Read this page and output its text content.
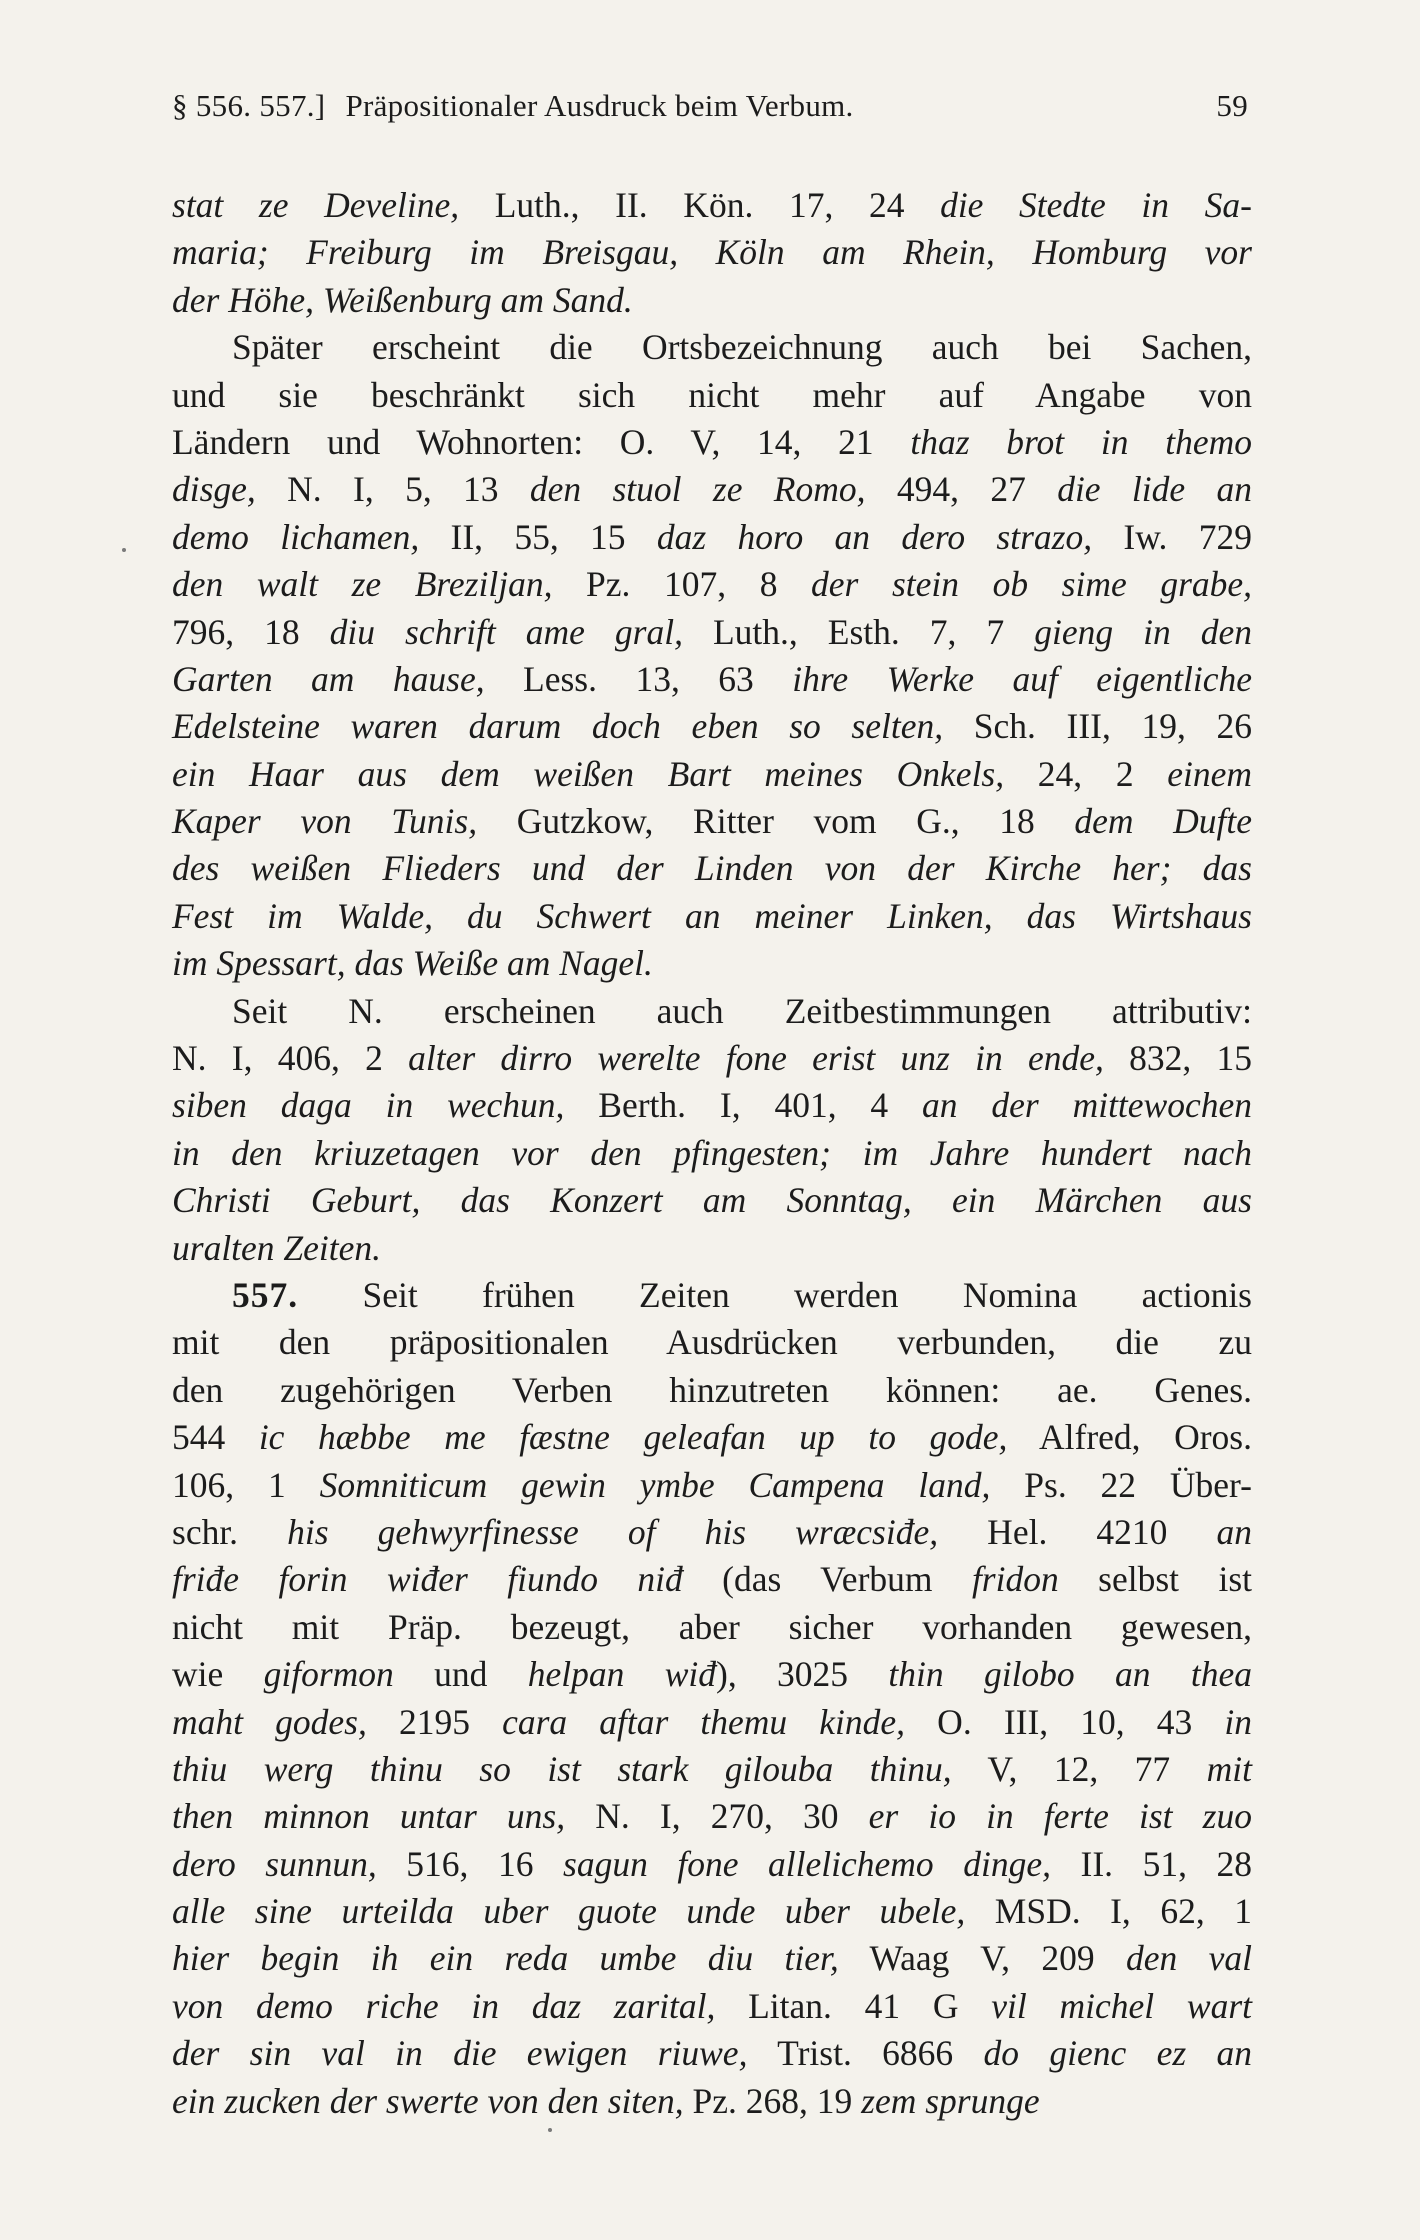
§ 556. 557.] Präpositionaler Ausdruck beim Verbum.	59
stat ze Develine, Luth., II. Kön. 17, 24 die Stedte in Sa-
maria; Freiburg im Breisgau, Köln am Rhein, Homburg vor
der Höhe, Weißenburg am Sand.
Später erscheint die Ortsbezeichnung auch bei Sachen,
und sie beschränkt sich nicht mehr auf Angabe von
Ländern und Wohnorten: O. V, 14, 21 thaz brot in themo
disge, N. I, 5, 13 den stuol ze Romo, 494, 27 die lide an
demo lichamen, II, 55, 15 daz horo an dero strazo, Iw. 729
den walt ze Breziljan, Pz. 107, 8 der stein ob sime grabe,
796, 18 diu schrift ame gral, Luth., Esth. 7, 7 gieng in den
Garten am hause, Less. 13, 63 ihre Werke auf eigentliche
Edelsteine waren darum doch eben so selten, Sch. III, 19, 26
ein Haar aus dem weißen Bart meines Onkels, 24, 2 einem
Kaper von Tunis, Gutzkow, Ritter vom G., 18 dem Dufte
des weißen Flieders und der Linden von der Kirche her; das
Fest im Walde, du Schwert an meiner Linken, das Wirtshaus
im Spessart, das Weiße am Nagel.
Seit N. erscheinen auch Zeitbestimmungen attributiv:
N. I, 406, 2 alter dirro werelte fone erist unz in ende, 832, 15
siben daga in wechun, Berth. I, 401, 4 an der mittewochen
in den kriuzetagen vor den pfingesten; im Jahre hundert nach
Christi Geburt, das Konzert am Sonntag, ein Märchen aus
uralten Zeiten.
557. Seit frühen Zeiten werden Nomina actionis
mit den präpositionalen Ausdrücken verbunden, die zu
den zugehörigen Verben hinzutreten können: ae. Genes.
544 ic hæbbe me fæstne geleafan up to gode, Alfred, Oros.
106, 1 Somniticum gewin ymbe Campena land, Ps. 22 Über-
schr. his gehwyrfinesse of his wræcsiđe, Hel. 4210 an
friđe forin wiđer fiundo niđ (das Verbum fridon selbst ist
nicht mit Präp. bezeugt, aber sicher vorhanden gewesen,
wie giformon und helpan wiđ), 3025 thin gilobo an thea
maht godes, 2195 cara aftar themu kinde, O. III, 10, 43 in
thiu werg thinu so ist stark gilouba thinu, V, 12, 77 mit
then minnon untar uns, N. I, 270, 30 er io in ferte ist zuo
dero sunnun, 516, 16 sagun fone allelichemo dinge, II. 51, 28
alle sine urteilda uber guote unde uber ubele, MSD. I, 62, 1
hier begin ih ein reda umbe diu tier, Waag V, 209 den val
von demo riche in daz zarital, Litan. 41 G vil michel wart
der sin val in die ewigen riuwe, Trist. 6866 do gienc ez an
ein zucken der swerte von den siten, Pz. 268, 19 zem sprunge
